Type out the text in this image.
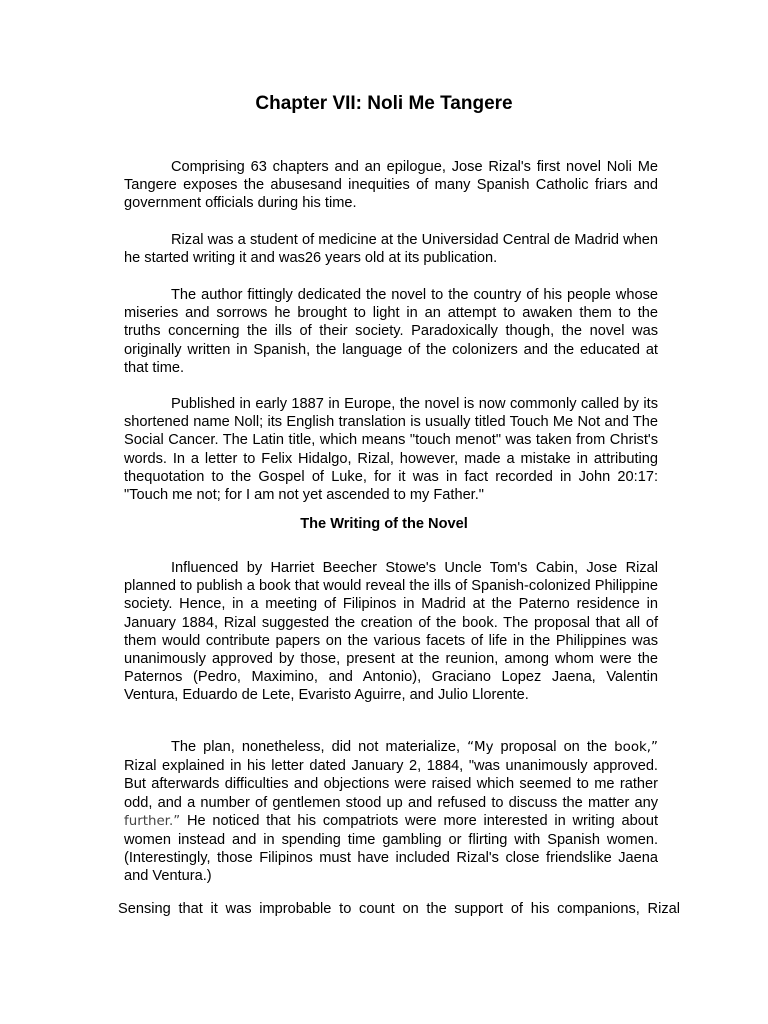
Chapter VII: Noli Me Tangere

Comprising 63 chapters and an epilogue, Jose Rizal's first novel Noli Me Tangere exposes the abusesand inequities of many Spanish Catholic friars and government officials during his time.

Rizal was a student of medicine at the Universidad Central de Madrid when he started writing it and was26 years old at its publication.

The author fittingly dedicated the novel to the country of his people whose miseries and sorrows he brought to light in an attempt to awaken them to the truths concerning the ills of their society. Paradoxically though, the novel was originally written in Spanish, the language of the colonizers and the educated at that time.

Published in early 1887 in Europe, the novel is now commonly called by its shortened name Noll; its English translation is usually titled Touch Me Not and The Social Cancer. The Latin title, which means "touch menot" was taken from Christ's words. In a letter to Felix Hidalgo, Rizal, however, made a mistake in attributing thequotation to the Gospel of Luke, for it was in fact recorded in John 20:17: "Touch me not; for I am not yet ascended to my Father."

The Writing of the Novel

Influenced by Harriet Beecher Stowe's Uncle Tom's Cabin, Jose Rizal planned to publish a book that would reveal the ills of Spanish-colonized Philippine society. Hence, in a meeting of Filipinos in Madrid at the Paterno residence in January 1884, Rizal suggested the creation of the book. The proposal that all of them would contribute papers on the various facets of life in the Philippines was unanimously approved by those, present at the reunion, among whom were the Paternos (Pedro, Maximino, and Antonio), Graciano Lopez Jaena, Valentin Ventura, Eduardo de Lete, Evaristo Aguirre, and Julio Llorente.

The plan, nonetheless, did not materialize, “My proposal on the book,” Rizal explained in his letter dated January 2, 1884, "was unanimously approved. But afterwards difficulties and objections were raised which seemed to me rather odd, and a number of gentlemen stood up and refused to discuss the matter any further.” He noticed that his compatriots were more interested in writing about women instead and in spending time gambling or flirting with Spanish women. (Interestingly, those Filipinos must have included Rizal's close friendslike Jaena and Ventura.)

Sensing that it was improbable to count on the support of his companions, Rizal
